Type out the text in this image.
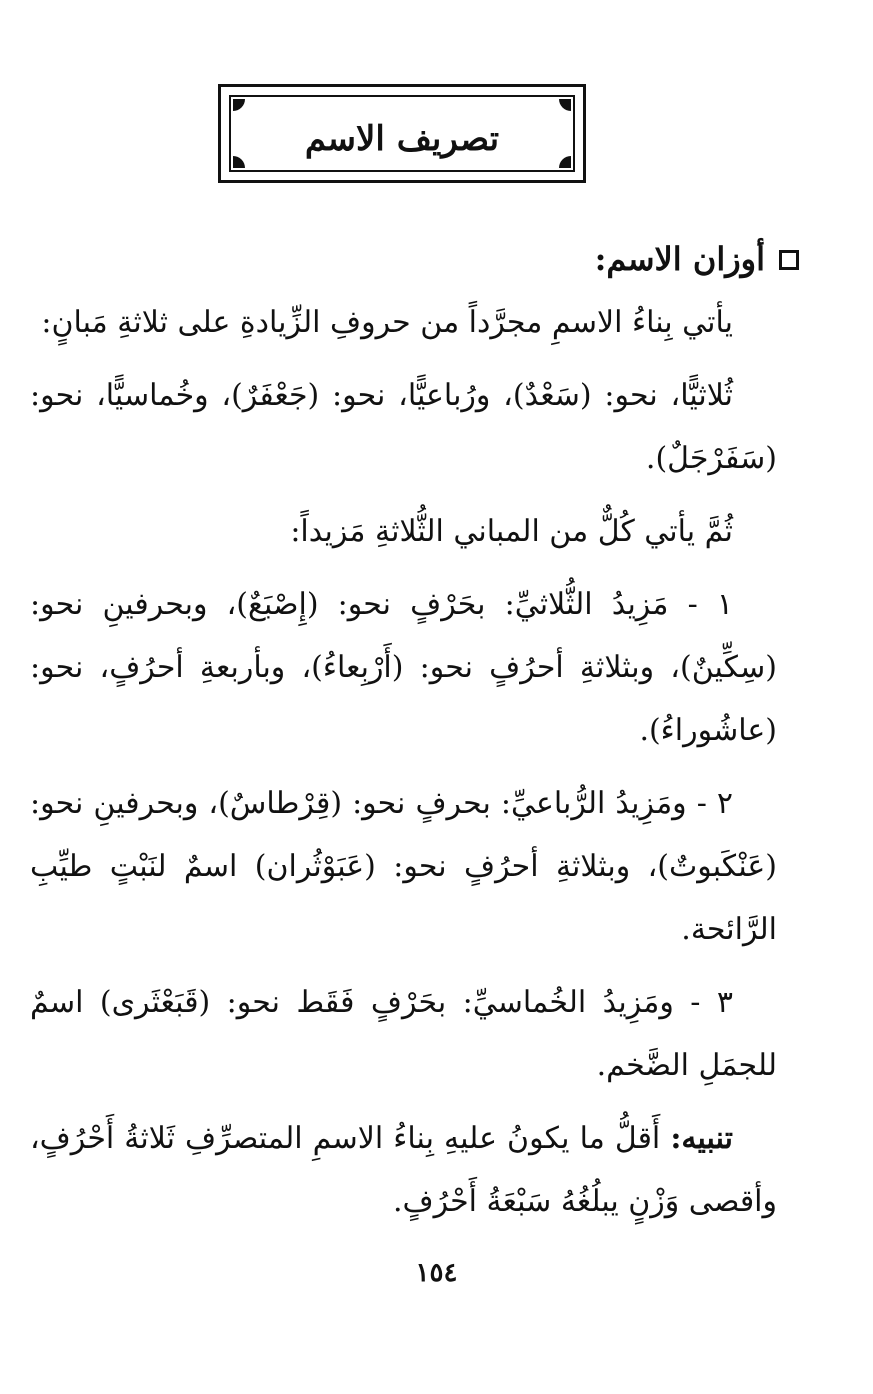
تصريف الاسم
أوزان الاسم:

يأتي بِناءُ الاسمِ مجرَّداً من حروفِ الزِّيادةِ على ثلاثةِ مَبانٍ:

ثُلاثيًّا، نحو: (سَعْدٌ)، ورُباعيًّا، نحو: (جَعْفَرٌ)، وخُماسيًّا، نحو: (سَفَرْجَلٌ).

ثُمَّ يأتي كُلٌّ من المباني الثُّلاثةِ مَزيداً:

١ - مَزِيدُ الثُّلاثيِّ: بحَرْفٍ نحو: (إِصْبَعٌ)، وبحرفينِ نحو: (سِكِّينٌ)، وبثلاثةِ أحرُفٍ نحو: (أَرْبِعاءُ)، وبأربعةِ أحرُفٍ، نحو: (عاشُوراءُ).

٢ - ومَزِيدُ الرُّباعيِّ: بحرفٍ نحو: (قِرْطاسٌ)، وبحرفينِ نحو: (عَنْكَبوتٌ)، وبثلاثةِ أحرُفٍ نحو: (عَبَوْثُران) اسمٌ لنَبْتٍ طيِّبِ الرَّائحة.

٣ - ومَزِيدُ الخُماسيِّ: بحَرْفٍ فَقَط نحو: (قَبَعْثَرى) اسمٌ للجمَلِ الضَّخم.

تنبيه: أَقلُّ ما يكونُ عليهِ بِناءُ الاسمِ المتصرِّفِ ثَلاثةُ أَحْرُفٍ، وأقصى وَزْنٍ يبلُغُهُ سَبْعَةُ أَحْرُفٍ.

١٥٤
